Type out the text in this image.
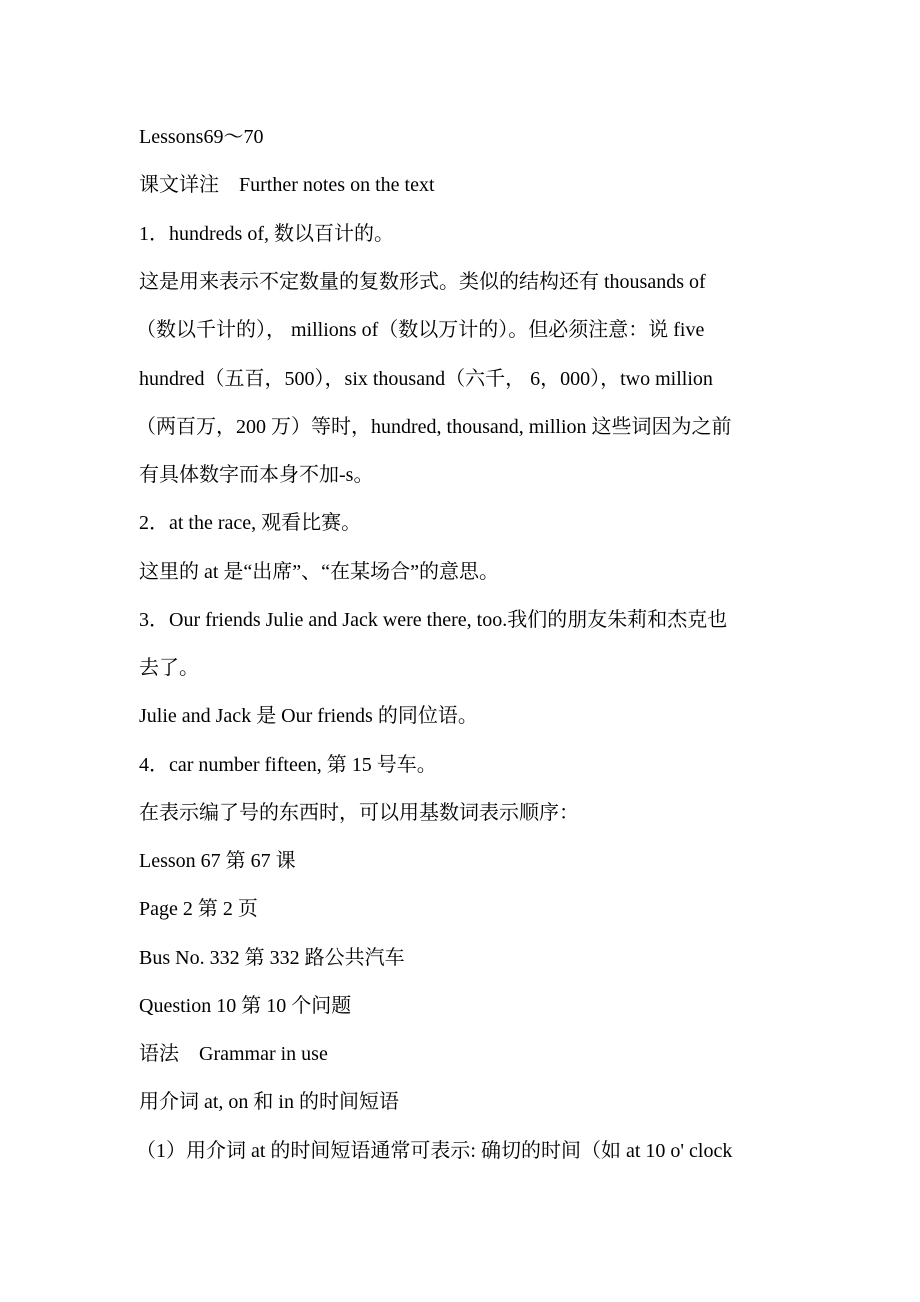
Lessons69～70

课文详注　Further notes on the text

1．hundreds of, 数以百计的。

这是用来表示不定数量的复数形式。类似的结构还有 thousands of

（数以千计的）， millions of（数以万计的）。但必须注意：说 five

hundred（五百，500），six thousand（六千， 6，000），two million

（两百万，200 万）等时，hundred, thousand, million 这些词因为之前

有具体数字而本身不加-s。

2．at the race, 观看比赛。

这里的 at 是“出席”、“在某场合”的意思。

3．Our friends Julie and Jack were there, too.我们的朋友朱莉和杰克也

去了。

Julie and Jack 是 Our friends 的同位语。

4．car number fifteen, 第 15 号车。

在表示编了号的东西时，可以用基数词表示顺序：

Lesson 67 第 67 课

Page 2 第 2 页

Bus No. 332 第 332 路公共汽车

Question 10 第 10 个问题

语法　Grammar in use

用介词 at, on 和 in 的时间短语

（1）用介词 at 的时间短语通常可表示: 确切的时间（如 at 10 o' clock
